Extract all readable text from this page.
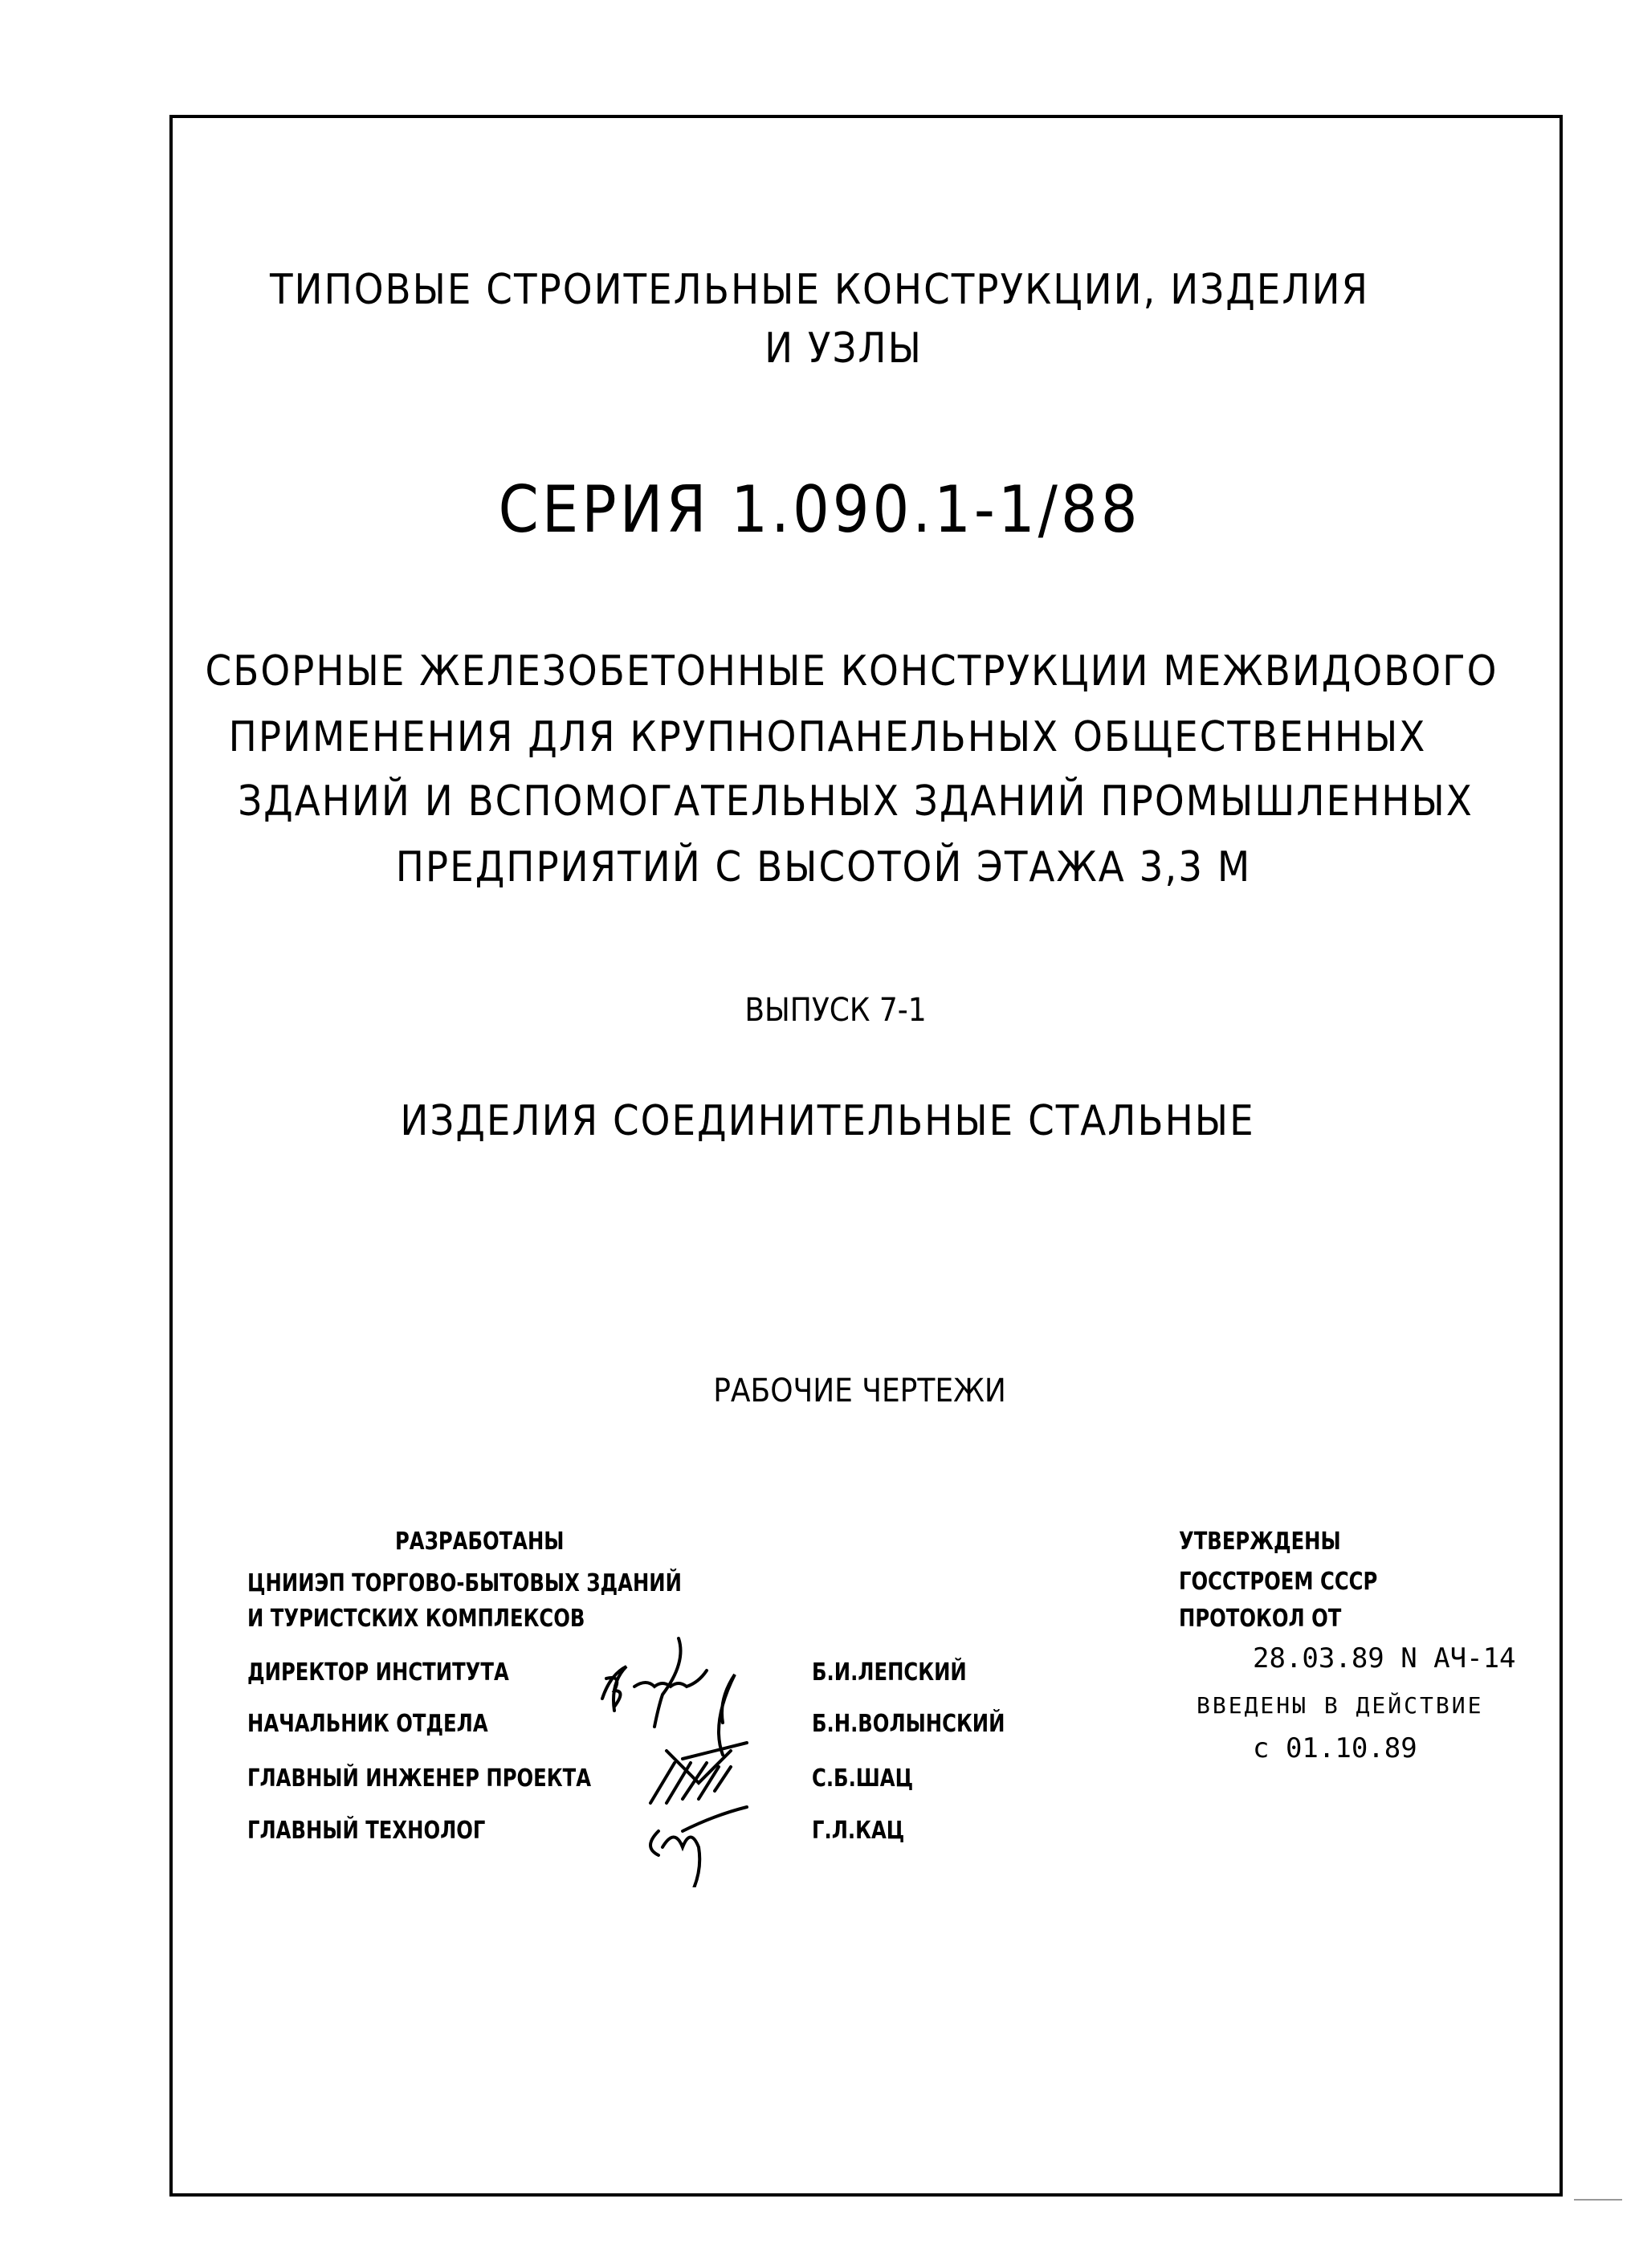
ТИПОВЫЕ СТРОИТЕЛЬНЫЕ КОНСТРУКЦИИ, ИЗДЕЛИЯ
И УЗЛЫ
СЕРИЯ 1.090.1-1/88
СБОРНЫЕ ЖЕЛЕЗОБЕТОННЫЕ КОНСТРУКЦИИ МЕЖВИДОВОГО
ПРИМЕНЕНИЯ ДЛЯ КРУПНОПАНЕЛЬНЫХ ОБЩЕСТВЕННЫХ
ЗДАНИЙ И ВСПОМОГАТЕЛЬНЫХ ЗДАНИЙ ПРОМЫШЛЕННЫХ
ПРЕДПРИЯТИЙ С ВЫСОТОЙ ЭТАЖА 3,3 М
ВЫПУСК 7-1
ИЗДЕЛИЯ СОЕДИНИТЕЛЬНЫЕ СТАЛЬНЫЕ
РАБОЧИЕ ЧЕРТЕЖИ
РАЗРАБОТАНЫ
ЦНИИЭП ТОРГОВО-БЫТОВЫХ ЗДАНИЙ
И ТУРИСТСКИХ КОМПЛЕКСОВ
ДИРЕКТОР ИНСТИТУТА	Б.И.ЛЕПСКИЙ
НАЧАЛЬНИК ОТДЕЛА	Б.Н.ВОЛЫНСКИЙ
ГЛАВНЫЙ ИНЖЕНЕР ПРОЕКТА	С.Б.ШАЦ
ГЛАВНЫЙ ТЕХНОЛОГ	Г.Л.КАЦ
УТВЕРЖДЕНЫ
ГОССТРОЕМ СССР
ПРОТОКОЛ ОТ
28.03.89 N АЧ-14
ВВЕДЕНЫ В ДЕЙСТВИЕ
с 01.10.89
